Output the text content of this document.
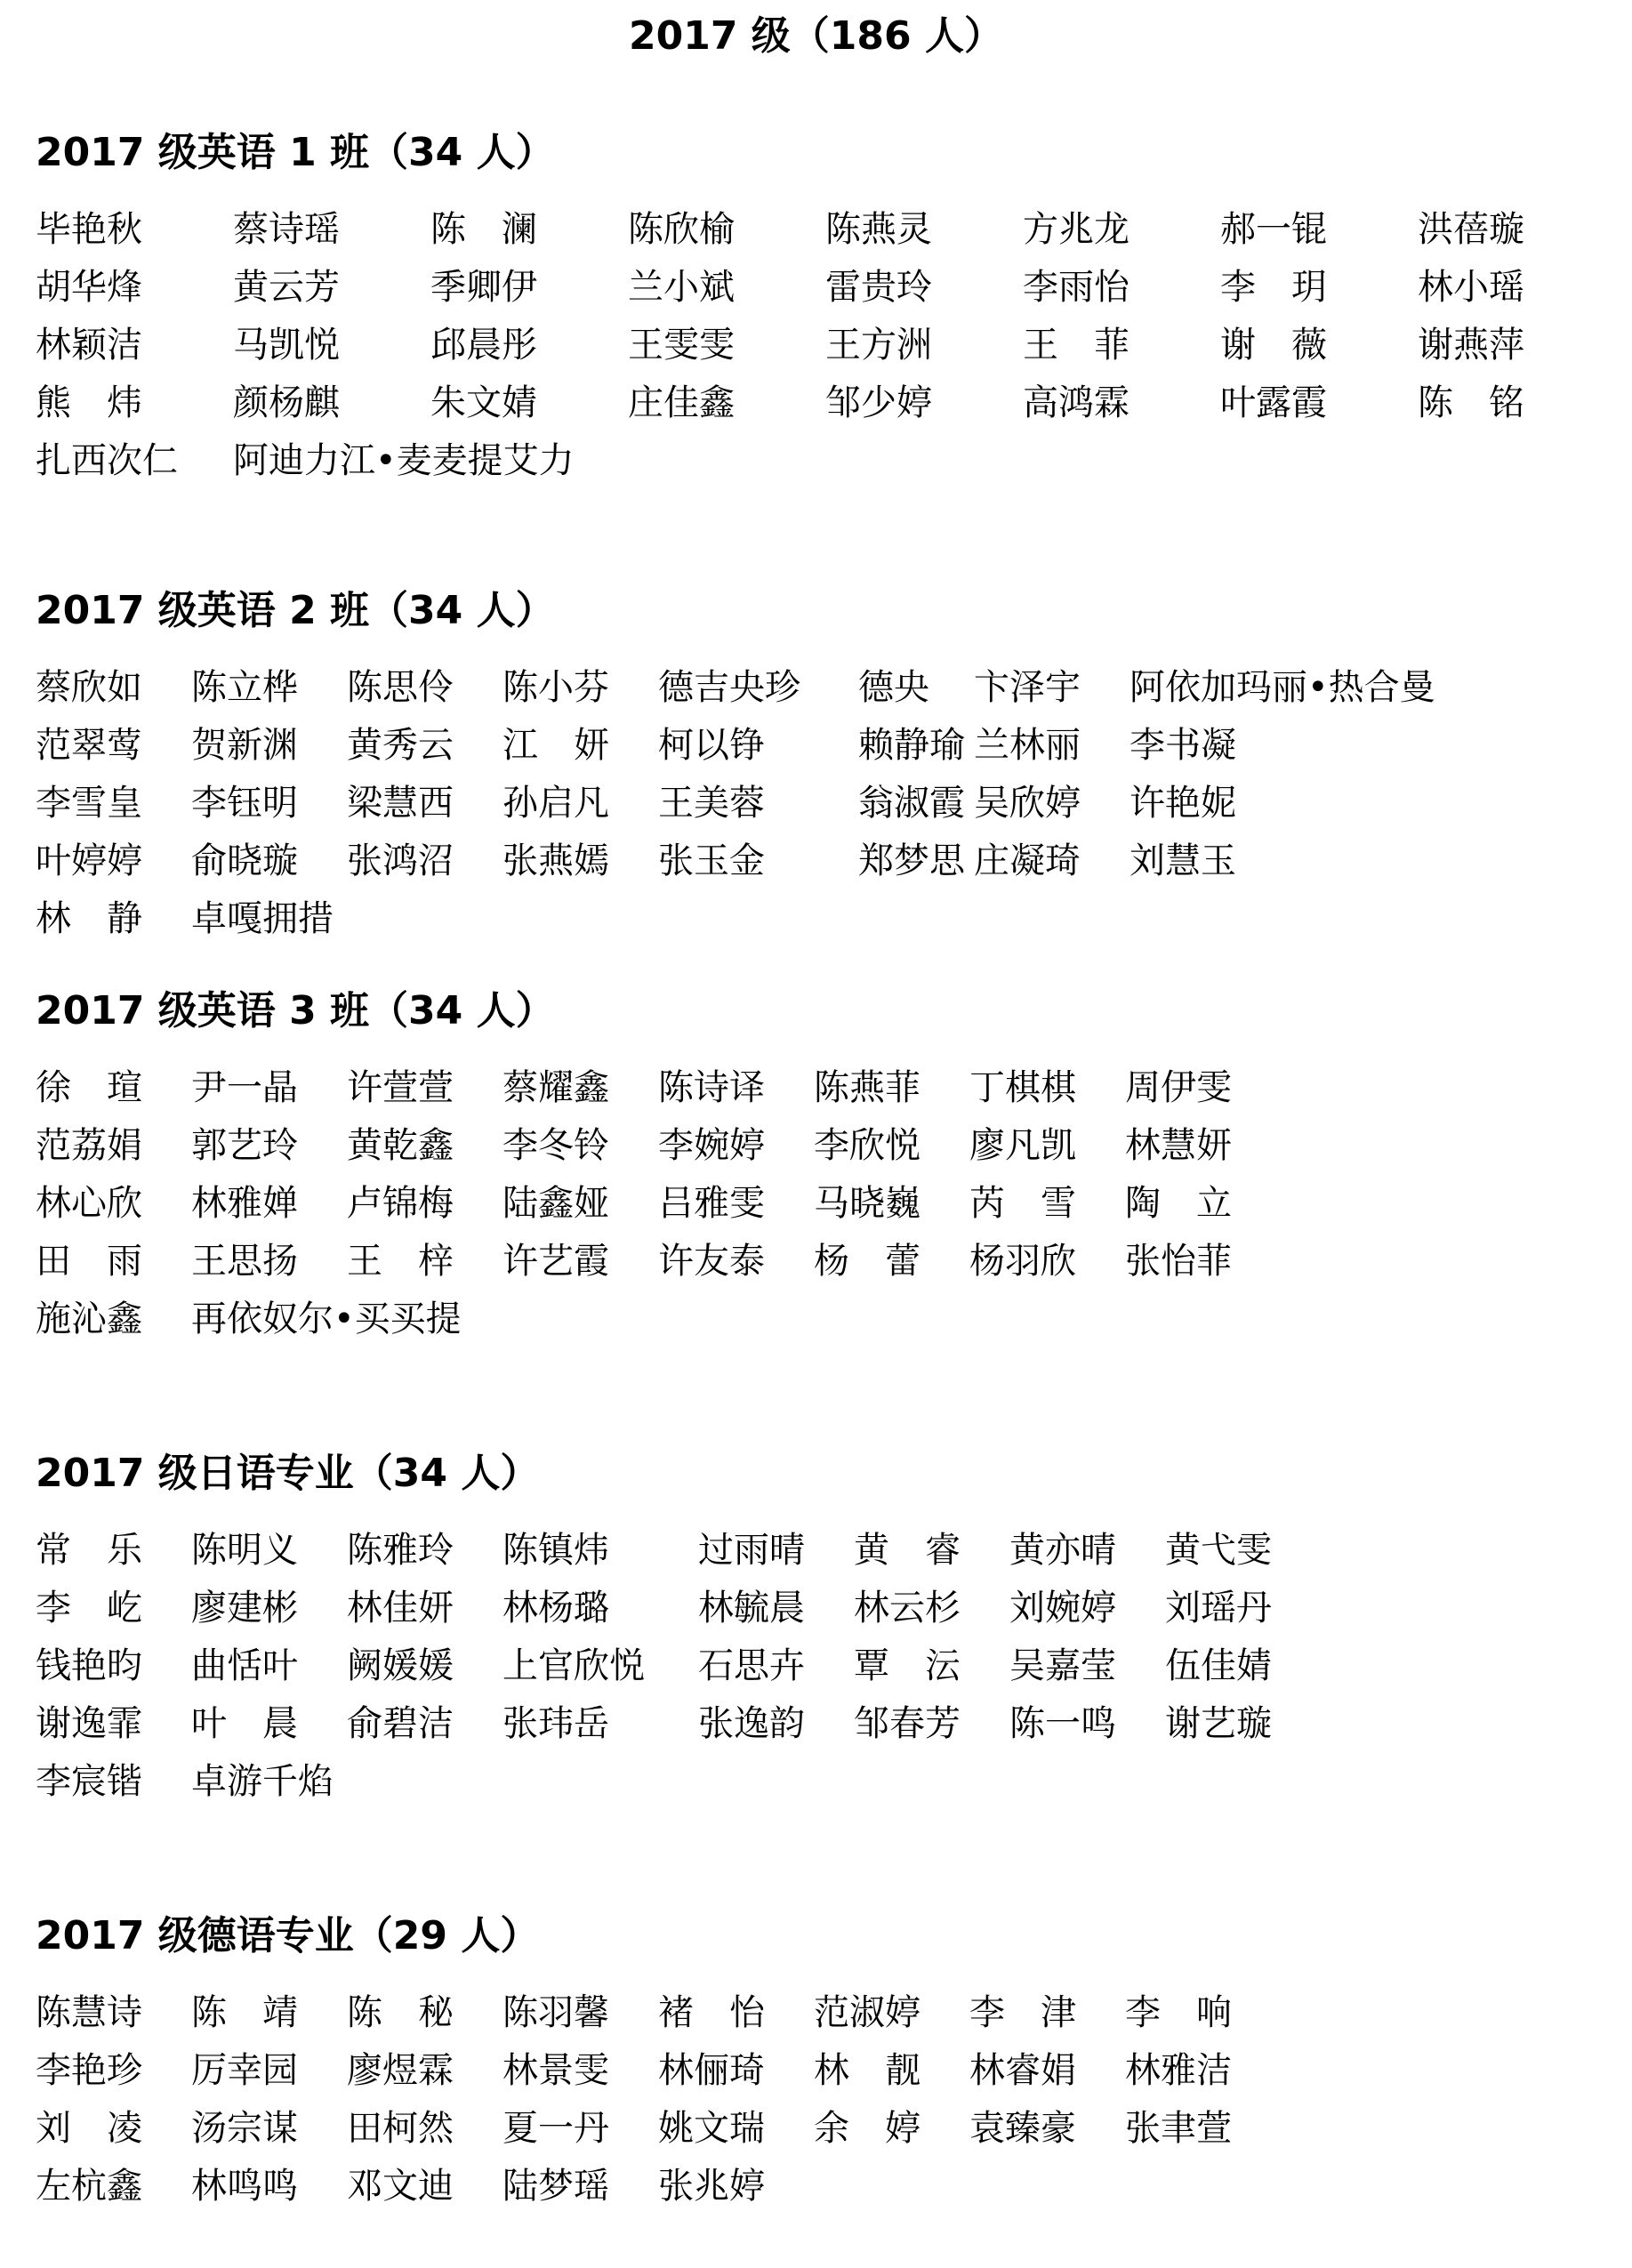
2017 级（186 人）
2017 级英语 1 班（34 人）
毕艳秋	蔡诗瑶	陈　澜	陈欣榆	陈燕灵	方兆龙	郝一锟	洪蓓璇
胡华烽	黄云芳	季卿伊	兰小斌	雷贵玲	李雨怡	李　玥	林小瑶
林颖洁	马凯悦	邱晨彤	王雯雯	王方洲	王　菲	谢　薇	谢燕萍
熊　炜	颜杨麒	朱文婧	庄佳鑫	邹少婷	高鸿霖	叶露霞	陈　铭
扎西次仁 阿迪力江•麦麦提艾力
2017 级英语 2 班（34 人）
蔡欣如 陈立桦 陈思伶 陈小芬 德吉央珍 德央 卞泽宇 阿依加玛丽•热合曼
范翠莺 贺新渊 黄秀云 江　妍 柯以铮	赖静瑜 兰林丽 李书凝
李雪皇 李钰明 梁慧西 孙启凡 王美蓉	翁淑霞 吴欣婷 许艳妮
叶婷婷 俞晓璇 张鸿沼 张燕嫣 张玉金	郑梦思 庄凝琦 刘慧玉
林　静 卓嘎拥措
2017 级英语 3 班（34 人）
徐　瑄 尹一晶 许萱萱 蔡耀鑫 陈诗译 陈燕菲 丁棋棋 周伊雯
范荔娟 郭艺玲 黄乾鑫 李冬铃 李婉婷 李欣悦 廖凡凯 林慧妍
林心欣 林雅婵 卢锦梅 陆鑫娅 吕雅雯 马晓巍 芮　雪 陶　立
田　雨 王思扬 王　梓 许艺霞 许友泰 杨　蕾 杨羽欣 张怡菲
施沁鑫 再依奴尔•买买提
2017 级日语专业（34 人）
常　乐 陈明义 陈雅玲 陈镇炜	过雨晴 黄　睿 黄亦晴 黄弋雯
李　屹 廖建彬 林佳妍 林杨璐	林毓晨 林云杉 刘婉婷 刘瑶丹
钱艳昀 曲恬叶 阙媛媛 上官欣悦 石思卉 覃　沄 吴嘉莹 伍佳婧
谢逸霏 叶　晨 俞碧洁 张玮岳	张逸韵 邹春芳 陈一鸣 谢艺璇
李宸锴 卓游千焰
2017 级德语专业（29 人）
陈慧诗 陈　靖 陈　秘 陈羽馨 褚　怡 范淑婷 李　津 李　响
李艳珍 厉幸园 廖煜霖 林景雯 林俪琦 林　靓 林睿娟 林雅洁
刘　凌 汤宗谋 田柯然 夏一丹 姚文瑞 余　婷 袁臻豪 张聿萱
左杭鑫 林鸣鸣 邓文迪 陆梦瑶 张兆婷
